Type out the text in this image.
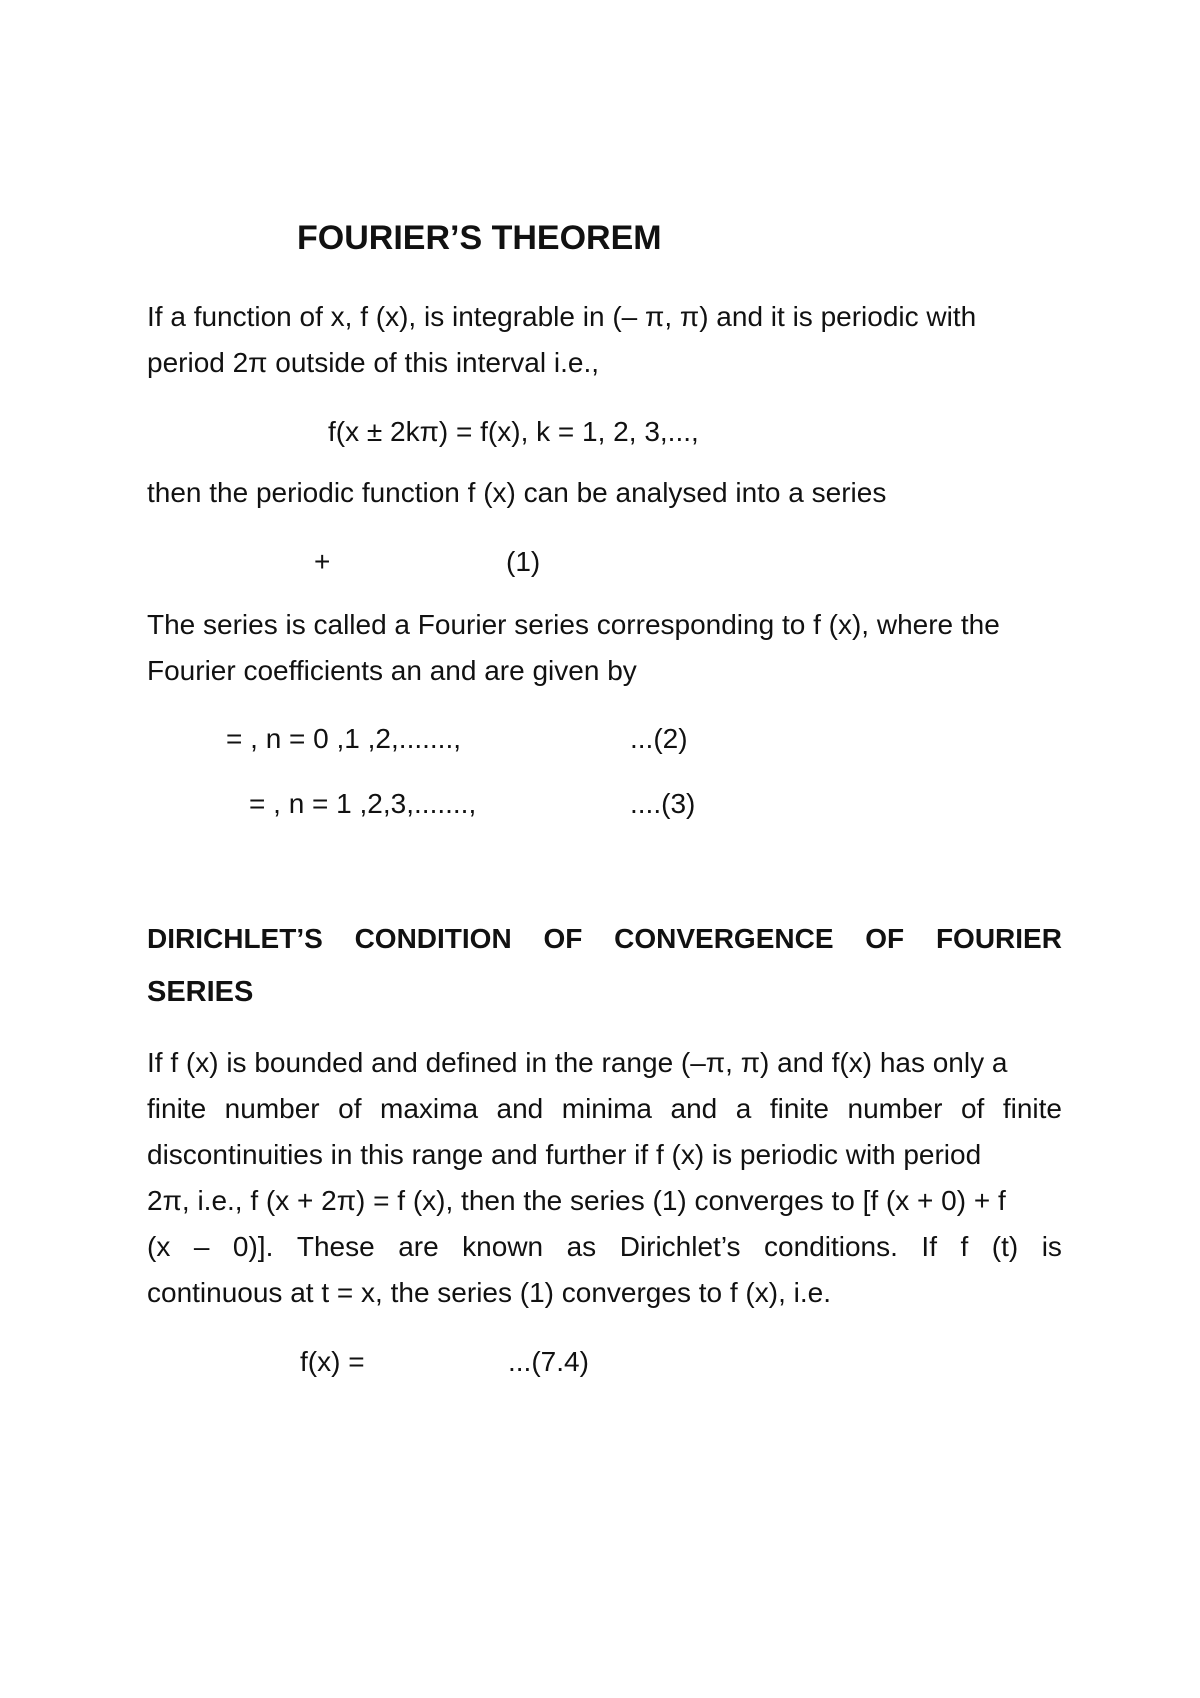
FOURIER’S THEOREM
If a function of x, f (x), is integrable in (– π, π) and it is periodic with
period 2π outside of this interval i.e.,
f(x ± 2kπ) = f(x), k = 1, 2, 3,...,
then the periodic function f (x) can be analysed into a series
+	(1)
The series is called a Fourier series corresponding to f (x), where the
Fourier coefficients an and are given by
= , n = 0 ,1 ,2,.......,	...(2)
= , n = 1 ,2,3,.......,	....(3)
DIRICHLET’S CONDITION OF CONVERGENCE OF FOURIER
SERIES
If f (x) is bounded and defined in the range (–π, π) and f(x) has only a
finite number of maxima and minima and a finite number of finite
discontinuities in this range and further if f (x) is periodic with period
2π, i.e., f (x + 2π) = f (x), then the series (1) converges to [f (x + 0) + f
(x – 0)]. These are known as Dirichlet’s conditions. If f (t) is
continuous at t = x, the series (1) converges to f (x), i.e.
f(x) =	...(7.4)
